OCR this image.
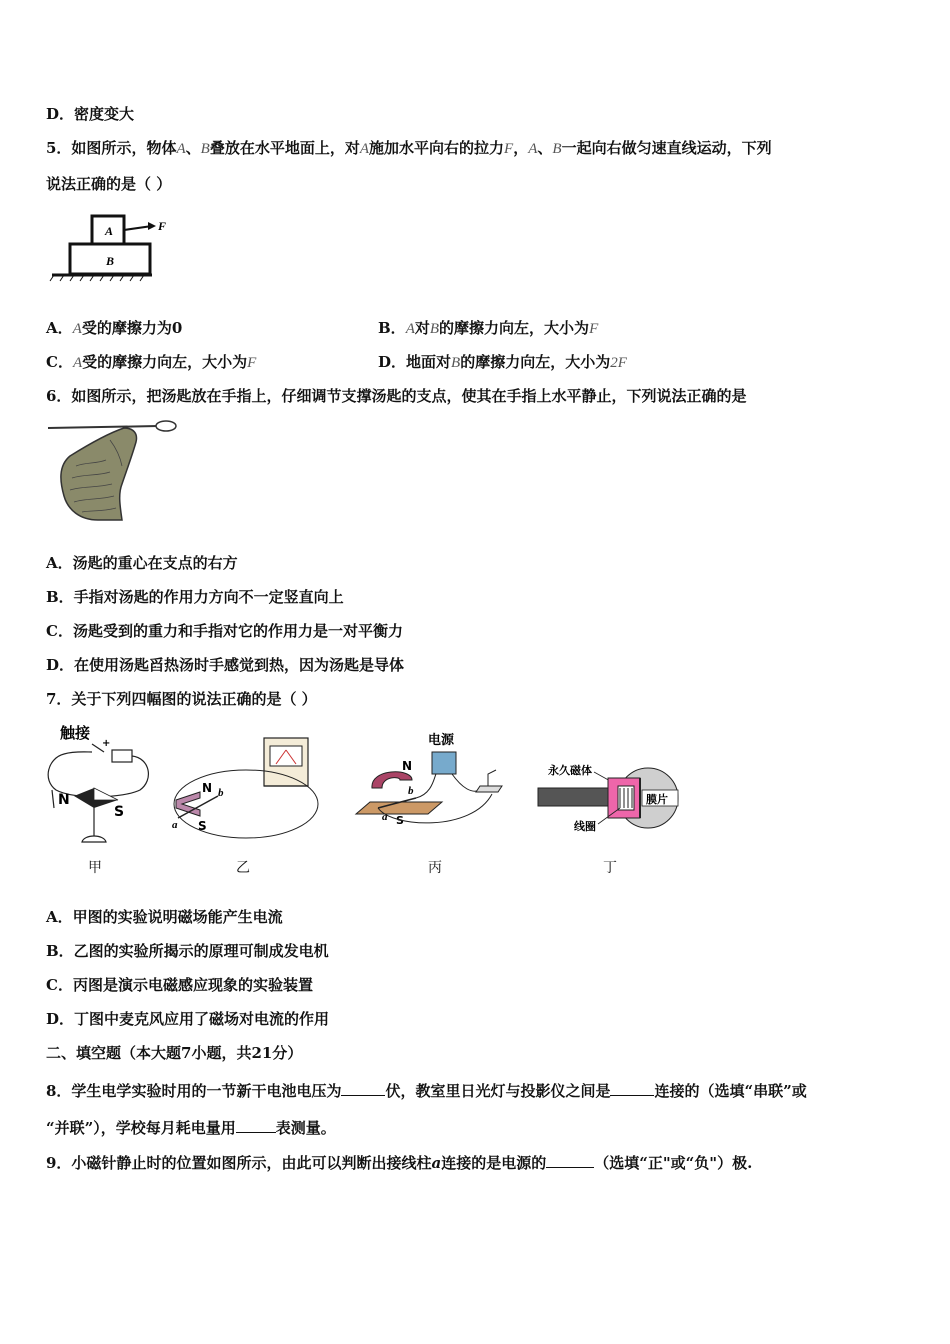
D．密度变大
5．如图所示，物体A、B叠放在水平地面上，对A施加水平向右的拉力F，A、B一起向右做匀速直线运动，下列
说法正确的是（ ）
A
B
F
A．A受的摩擦力为0	B．A对B的摩擦力向左，大小为F
C．A受的摩擦力向左，大小为F	D．地面对B的摩擦力向左，大小为2F
6．如图所示，把汤匙放在手指上，仔细调节支撑汤匙的支点，使其在手指上水平静止，下列说法正确的是
A．汤匙的重心在支点的右方
B．手指对汤匙的作用力方向不一定竖直向上
C．汤匙受到的重力和手指对它的作用力是一对平衡力
D．在使用汤匙舀热汤时手感觉到热，因为汤匙是导体
7．关于下列四幅图的说法正确的是（ ）
触接
+
N
S
甲
N b
a S
乙
电源
N
a S
b
丙
永久磁体
膜片
线圈
丁
A．甲图的实验说明磁场能产生电流
B．乙图的实验所揭示的原理可制成发电机
C．丙图是演示电磁感应现象的实验装置
D．丁图中麦克风应用了磁场对电流的作用
二、填空题（本大题7小题，共21分）
8．学生电学实验时用的一节新干电池电压为	伏，教室里日光灯与投影仪之间是	连接的（选填“串联”或
“并联”），学校每月耗电量用	表测量。
9．小磁针静止时的位置如图所示，由此可以判断出接线柱a连接的是电源的	（选填“正"或“负"）极.
